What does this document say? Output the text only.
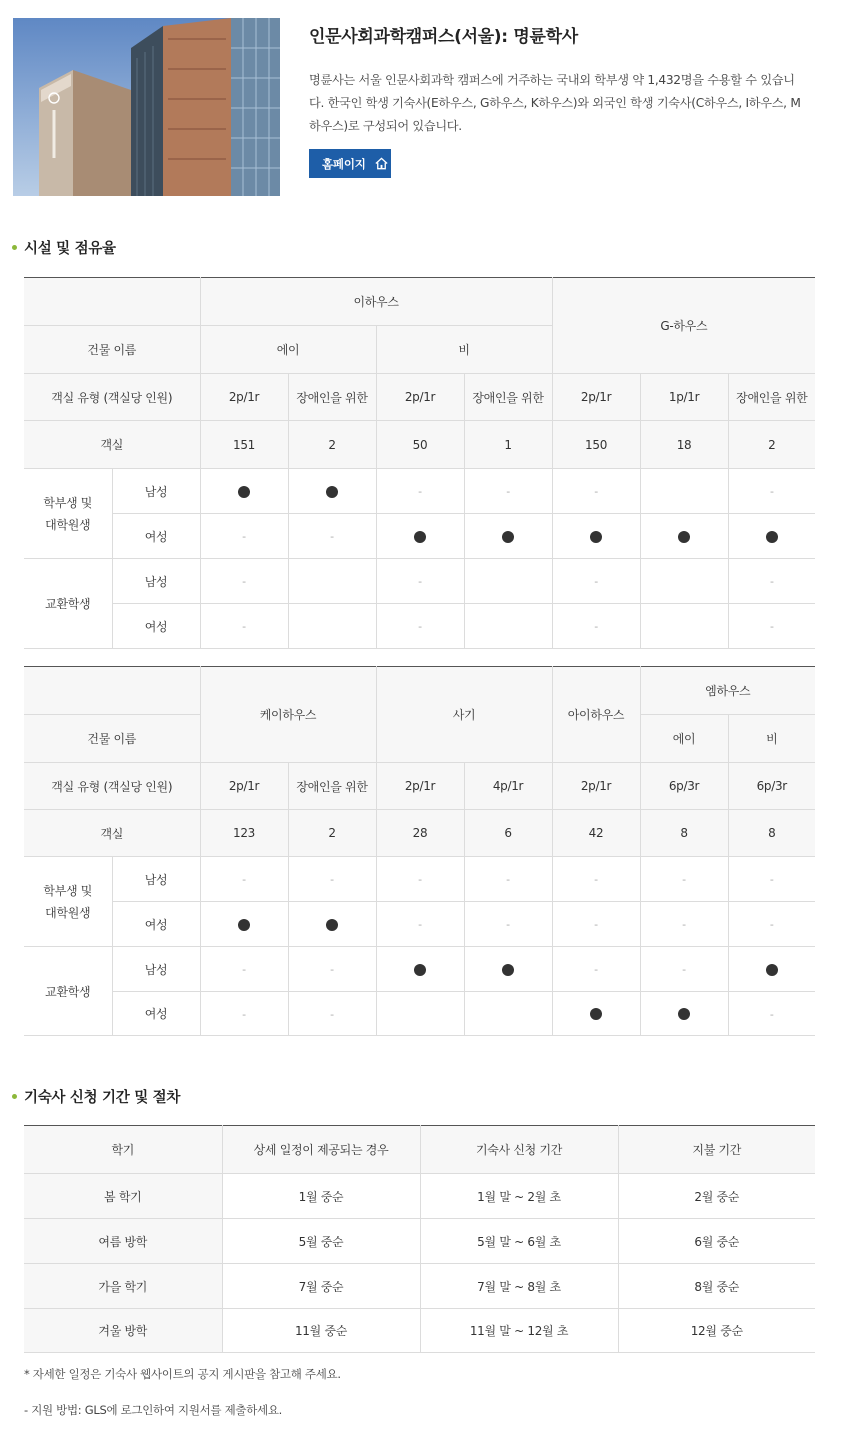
인문사회과학캠퍼스(서울): 명륜학사
명륜사는 서울 인문사회과학 캠퍼스에 거주하는 국내외 학부생 약 1,432명을 수용할 수 있습니다. 한국인 학생 기숙사(E하우스, G하우스, K하우스)와 외국인 학생 기숙사(C하우스, I하우스, M하우스)로 구성되어 있습니다.
홈페이지
시설 및 점유율
		이하우스				G-하우스		
건물 이름		에이		비				
객실 유형 (객실당 인원)		2p/1r	장애인을 위한	2p/1r	장애인을 위한	2p/1r	1p/1r	장애인을 위한
객실		151	2	50	1	150	18	2
학부생 및 대학원생	남성			-	-	-		-
	여성	-	-					
교환학생	남성	-		-		-		-
	여성	-		-		-		-
		케이하우스		사기		아이하우스	엠하우스	
건물 이름							에이	비
객실 유형 (객실당 인원)		2p/1r	장애인을 위한	2p/1r	4p/1r	2p/1r	6p/3r	6p/3r
객실		123	2	28	6	42	8	8
학부생 및 대학원생	남성	-	-	-	-	-	-	-
	여성			-	-	-	-	-
교환학생	남성	-	-			-	-	
	여성	-	-					-
기숙사 신청 기간 및 절차
학기	상세 일정이 제공되는 경우	기숙사 신청 기간	지불 기간
봄 학기	1월 중순	1월 말 ~ 2월 초	2월 중순
여름 방학	5월 중순	5월 말 ~ 6월 초	6월 중순
가을 학기	7월 중순	7월 말 ~ 8월 초	8월 중순
겨울 방학	11월 중순	11월 말 ~ 12월 초	12월 중순
* 자세한 일정은 기숙사 웹사이트의 공지 게시판을 참고해 주세요.
- 지원 방법: GLS에 로그인하여 지원서를 제출하세요.
